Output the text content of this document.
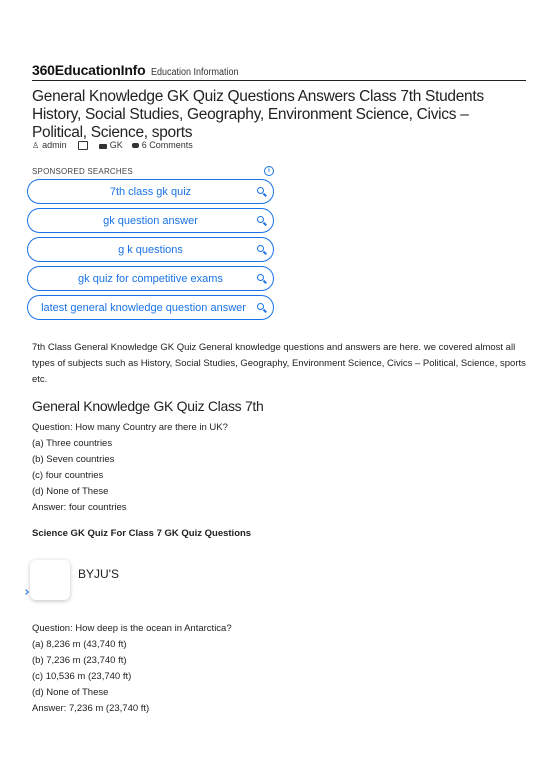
360EducationInfo Education Information
General Knowledge GK Quiz Questions Answers Class 7th Students History, Social Studies, Geography, Environment Science, Civics – Political, Science, sports
♙ admin	GK 6 Comments
SPONSORED SEARCHES	i
7th class gk quiz
gk question answer
g k questions
gk quiz for competitive exams
latest general knowledge question answer

7th Class General Knowledge GK Quiz General knowledge questions and answers are here. we covered almost all types of subjects such as History, Social Studies, Geography, Environment Science, Civics – Political, Science, sports etc.

General Knowledge GK Quiz Class 7th
Question: How many Country are there in UK?
(a) Three countries
(b) Seven countries
(c) four countries
(d) None of These
Answer: four countries
Science GK Quiz For Class 7 GK Quiz Questions
BYJU'S
Question: How deep is the ocean in Antarctica?
(a) 8,236 m (43,740 ft)
(b) 7,236 m (23,740 ft)
(c) 10,536 m (23,740 ft)
(d) None of These
Answer: 7,236 m (23,740 ft)
